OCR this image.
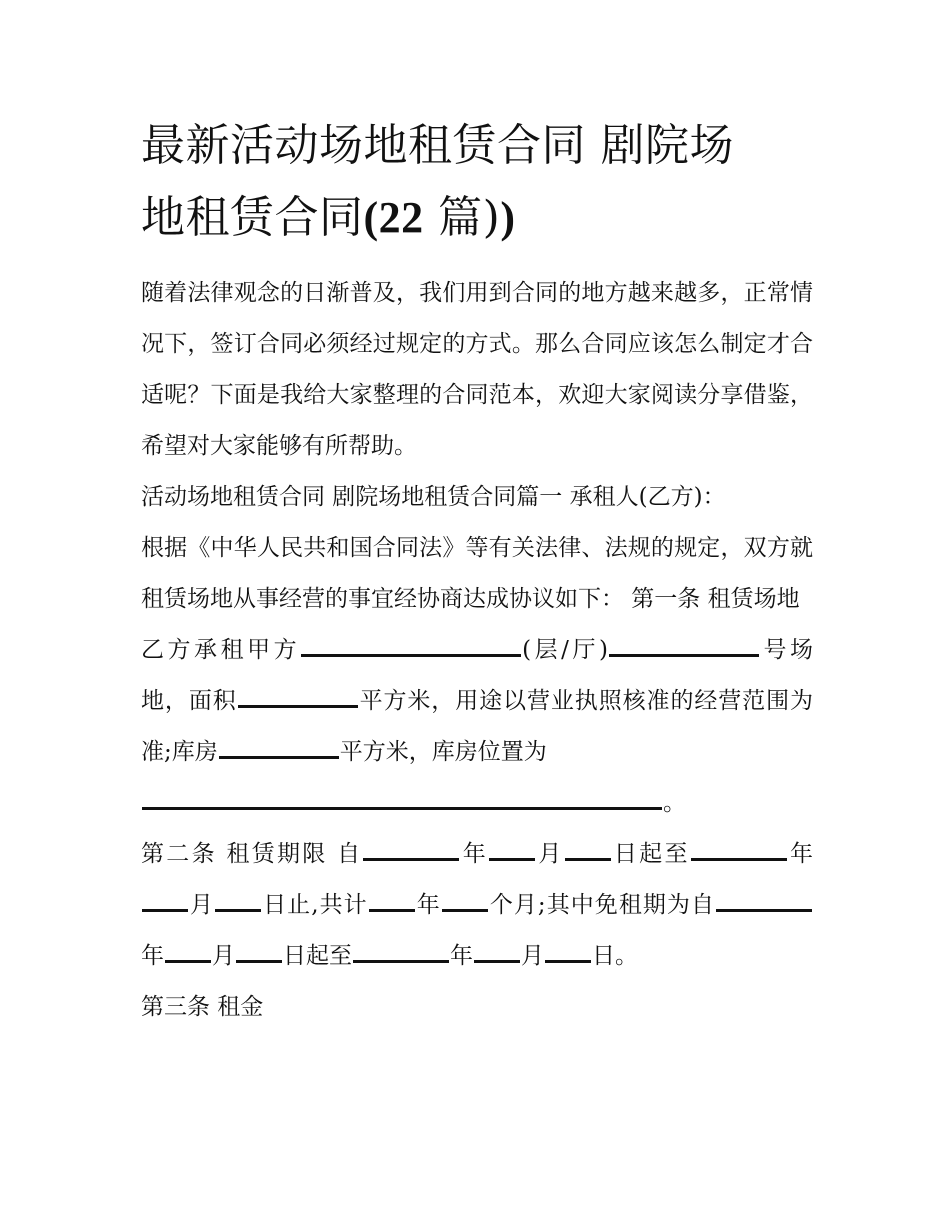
最新活动场地租赁合同 剧院场
地租赁合同(22 篇))

随着法律观念的日渐普及，我们用到合同的地方越来越多，正常情况下，签订合同必须经过规定的方式。那么合同应该怎么制定才合适呢？下面是我给大家整理的合同范本，欢迎大家阅读分享借鉴，希望对大家能够有所帮助。

活动场地租赁合同 剧院场地租赁合同篇一 承租人(乙方)：

根据《中华人民共和国合同法》等有关法律、法规的规定，双方就租赁场地从事经营的事宜经协商达成协议如下： 第一条 租赁场地

乙方承租甲方	(层/厅)	号场地，面积	平方米，用途以营业执照核准的经营范围为准;库房	平方米，库房位置为
。

第二条 租赁期限 自	年 月 日起至	年月 日止,共计 年 个月;其中免租期为自年 月 日起至	年 月 日。

第三条 租金
